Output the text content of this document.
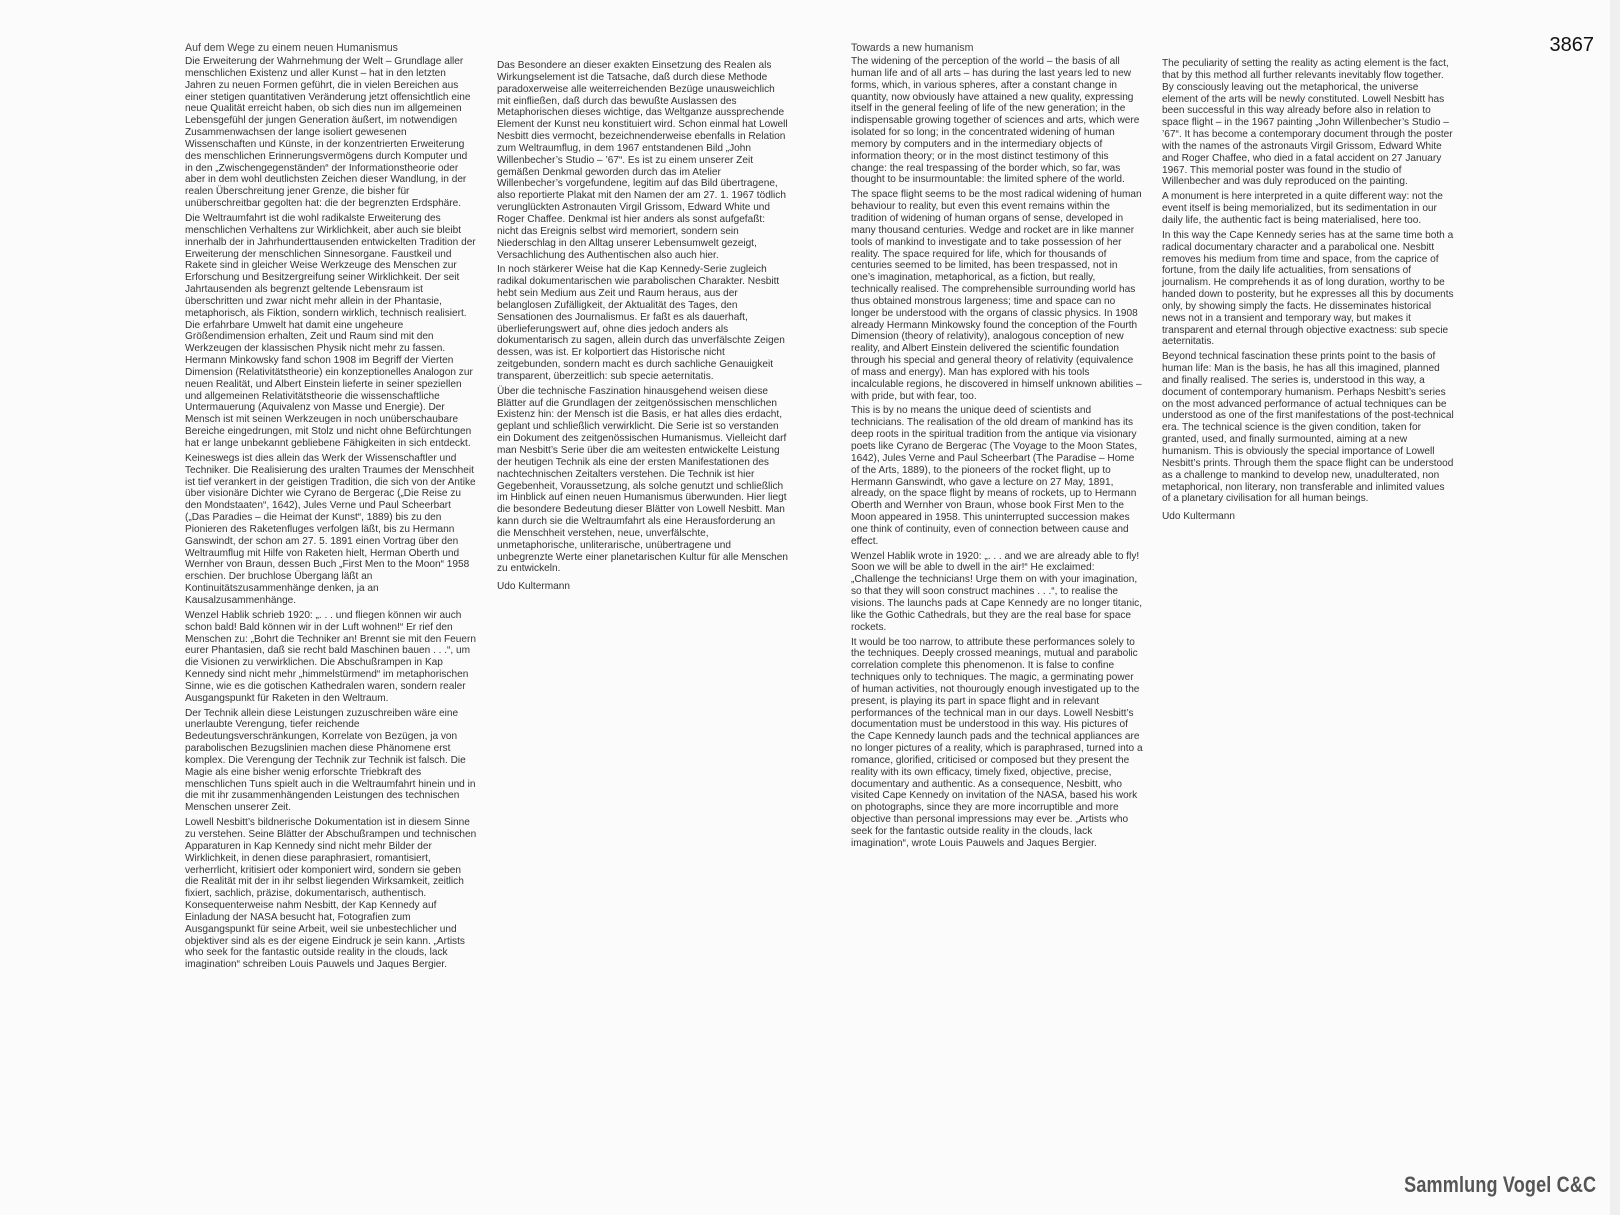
3867
Auf dem Wege zu einem neuen Humanismus

Die Erweiterung der Wahrnehmung der Welt – Grundlage aller menschlichen Existenz und aller Kunst – hat in den letzten Jahren zu neuen Formen geführt, die in vielen Bereichen aus einer stetigen quantitativen Veränderung jetzt offensichtlich eine neue Qualität erreicht haben, ob sich dies nun im allgemeinen Lebensgefühl der jungen Generation äußert, im notwendigen Zusammenwachsen der lange isoliert gewesenen Wissenschaften und Künste, in der konzentrierten Erweiterung des menschlichen Erinnerungsvermögens durch Komputer und in den „Zwischengegenständen“ der Informationstheorie oder aber in dem wohl deutlichsten Zeichen dieser Wandlung, in der realen Überschreitung jener Grenze, die bisher für unüberschreitbar gegolten hat: die der begrenzten Erdsphäre.

Die Weltraumfahrt ist die wohl radikalste Erweiterung des menschlichen Verhaltens zur Wirklichkeit, aber auch sie bleibt innerhalb der in Jahrhunderttausenden entwickelten Tradition der Erweiterung der menschlichen Sinnesorgane. Faustkeil und Rakete sind in gleicher Weise Werkzeuge des Menschen zur Erforschung und Besitzergreifung seiner Wirklichkeit. Der seit Jahrtausenden als begrenzt geltende Lebensraum ist überschritten und zwar nicht mehr allein in der Phantasie, metaphorisch, als Fiktion, sondern wirklich, technisch realisiert. Die erfahrbare Umwelt hat damit eine ungeheure Größendimension erhalten, Zeit und Raum sind mit den Werkzeugen der klassischen Physik nicht mehr zu fassen. Hermann Minkowsky fand schon 1908 im Begriff der Vierten Dimension (Relativitätstheorie) ein konzeptionelles Analogon zur neuen Realität, und Albert Einstein lieferte in seiner speziellen und allgemeinen Relativitätstheorie die wissenschaftliche Untermauerung (Aquivalenz von Masse und Energie). Der Mensch ist mit seinen Werkzeugen in noch unüberschaubare Bereiche eingedrungen, mit Stolz und nicht ohne Befürchtungen hat er lange unbekannt gebliebene Fähigkeiten in sich entdeckt.

Keineswegs ist dies allein das Werk der Wissenschaftler und Techniker. Die Realisierung des uralten Traumes der Menschheit ist tief verankert in der geistigen Tradition, die sich von der Antike über visionäre Dichter wie Cyrano de Bergerac („Die Reise zu den Mondstaaten“, 1642), Jules Verne und Paul Scheerbart („Das Paradies – die Heimat der Kunst“, 1889) bis zu den Pionieren des Raketenfluges verfolgen läßt, bis zu Hermann Ganswindt, der schon am 27. 5. 1891 einen Vortrag über den Weltraumflug mit Hilfe von Raketen hielt, Herman Oberth und Wernher von Braun, dessen Buch „First Men to the Moon“ 1958 erschien. Der bruchlose Übergang läßt an Kontinuitätszusammenhänge denken, ja an Kausalzusammenhänge.

Wenzel Hablik schrieb 1920: „. . . und fliegen können wir auch schon bald! Bald können wir in der Luft wohnen!“ Er rief den Menschen zu: „Bohrt die Techniker an! Brennt sie mit den Feuern eurer Phantasien, daß sie recht bald Maschinen bauen . . .“, um die Visionen zu verwirklichen. Die Abschußrampen in Kap Kennedy sind nicht mehr „himmelstürmend“ im metaphorischen Sinne, wie es die gotischen Kathedralen waren, sondern realer Ausgangspunkt für Raketen in den Weltraum.

Der Technik allein diese Leistungen zuzuschreiben wäre eine unerlaubte Verengung, tiefer reichende Bedeutungsverschränkungen, Korrelate von Bezügen, ja von parabolischen Bezugslinien machen diese Phänomene erst komplex. Die Verengung der Technik zur Technik ist falsch. Die Magie als eine bisher wenig erforschte Triebkraft des menschlichen Tuns spielt auch in die Weltraumfahrt hinein und in die mit ihr zusammenhängenden Leistungen des technischen Menschen unserer Zeit.

Lowell Nesbitt’s bildnerische Dokumentation ist in diesem Sinne zu verstehen. Seine Blätter der Abschußrampen und technischen Apparaturen in Kap Kennedy sind nicht mehr Bilder der Wirklichkeit, in denen diese paraphrasiert, romantisiert, verherrlicht, kritisiert oder komponiert wird, sondern sie geben die Realität mit der in ihr selbst liegenden Wirksamkeit, zeitlich fixiert, sachlich, präzise, dokumentarisch, authentisch. Konsequenterweise nahm Nesbitt, der Kap Kennedy auf Einladung der NASA besucht hat, Fotografien zum Ausgangspunkt für seine Arbeit, weil sie unbestechlicher und objektiver sind als es der eigene Eindruck je sein kann. „Artists who seek for the fantastic outside reality in the clouds, lack imagination“ schreiben Louis Pauwels und Jaques Bergier.

Das Besondere an dieser exakten Einsetzung des Realen als Wirkungselement ist die Tatsache, daß durch diese Methode paradoxerweise alle weiterreichenden Bezüge unausweichlich mit einfließen, daß durch das bewußte Auslassen des Metaphorischen dieses wichtige, das Weltganze aussprechende Element der Kunst neu konstituiert wird. Schon einmal hat Lowell Nesbitt dies vermocht, bezeichnenderweise ebenfalls in Relation zum Weltraumflug, in dem 1967 entstandenen Bild „John Willenbecher’s Studio – ’67“. Es ist zu einem unserer Zeit gemäßen Denkmal geworden durch das im Atelier Willenbecher’s vorgefundene, legitim auf das Bild übertragene, also reportierte Plakat mit den Namen der am 27. 1. 1967 tödlich verunglückten Astronauten Virgil Grissom, Edward White und Roger Chaffee. Denkmal ist hier anders als sonst aufgefaßt: nicht das Ereignis selbst wird memoriert, sondern sein Niederschlag in den Alltag unserer Lebensumwelt gezeigt, Versachlichung des Authentischen also auch hier.

In noch stärkerer Weise hat die Kap Kennedy-Serie zugleich radikal dokumentarischen wie parabolischen Charakter. Nesbitt hebt sein Medium aus Zeit und Raum heraus, aus der belanglosen Zufälligkeit, der Aktualität des Tages, den Sensationen des Journalismus. Er faßt es als dauerhaft, überlieferungswert auf, ohne dies jedoch anders als dokumentarisch zu sagen, allein durch das unverfälschte Zeigen dessen, was ist. Er kolportiert das Historische nicht zeitgebunden, sondern macht es durch sachliche Genauigkeit transparent, überzeitlich: sub specie aeternitatis.

Über die technische Faszination hinausgehend weisen diese Blätter auf die Grundlagen der zeitgenössischen menschlichen Existenz hin: der Mensch ist die Basis, er hat alles dies erdacht, geplant und schließlich verwirklicht. Die Serie ist so verstanden ein Dokument des zeitgenössischen Humanismus. Vielleicht darf man Nesbitt’s Serie über die am weitesten entwickelte Leistung der heutigen Technik als eine der ersten Manifestationen des nachtechnischen Zeitalters verstehen. Die Technik ist hier Gegebenheit, Voraussetzung, als solche genutzt und schließlich im Hinblick auf einen neuen Humanismus überwunden. Hier liegt die besondere Bedeutung dieser Blätter von Lowell Nesbitt. Man kann durch sie die Weltraumfahrt als eine Herausforderung an die Menschheit verstehen, neue, unverfälschte, unmetaphorische, unliterarische, unübertragene und unbegrenzte Werte einer planetarischen Kultur für alle Menschen zu entwickeln.

Udo Kultermann

Towards a new humanism

The widening of the perception of the world – the basis of all human life and of all arts – has during the last years led to new forms, which, in various spheres, after a constant change in quantity, now obviously have attained a new quality, expressing itself in the general feeling of life of the new generation; in the indispensable growing together of sciences and arts, which were isolated for so long; in the concentrated widening of human memory by computers and in the intermediary objects of information theory; or in the most distinct testimony of this change: the real trespassing of the border which, so far, was thought to be insurmountable: the limited sphere of the world.

The space flight seems to be the most radical widening of human behaviour to reality, but even this event remains within the tradition of widening of human organs of sense, developed in many thousand centuries. Wedge and rocket are in like manner tools of mankind to investigate and to take possession of her reality. The space required for life, which for thousands of centuries seemed to be limited, has been trespassed, not in one’s imagination, metaphorical, as a fiction, but really, technically realised. The comprehensible surrounding world has thus obtained monstrous largeness; time and space can no longer be understood with the organs of classic physics. In 1908 already Hermann Minkowsky found the conception of the Fourth Dimension (theory of relativity), analogous conception of new reality, and Albert Einstein delivered the scientific foundation through his special and general theory of relativity (equivalence of mass and energy). Man has explored with his tools incalculable regions, he discovered in himself unknown abilities – with pride, but with fear, too.

This is by no means the unique deed of scientists and technicians. The realisation of the old dream of mankind has its deep roots in the spiritual tradition from the antique via visionary poets like Cyrano de Bergerac (The Voyage to the Moon States, 1642), Jules Verne and Paul Scheerbart (The Paradise – Home of the Arts, 1889), to the pioneers of the rocket flight, up to Hermann Ganswindt, who gave a lecture on 27 May, 1891, already, on the space flight by means of rockets, up to Hermann Oberth and Wernher von Braun, whose book First Men to the Moon appeared in 1958. This uninterrupted succession makes one think of continuity, even of connection between cause and effect.

Wenzel Hablik wrote in 1920: „. . . and we are already able to fly! Soon we will be able to dwell in the air!“ He exclaimed: „Challenge the technicians! Urge them on with your imagination, so that they will soon construct machines . . .“, to realise the visions. The launchs pads at Cape Kennedy are no longer titanic, like the Gothic Cathedrals, but they are the real base for space rockets.

It would be too narrow, to attribute these performances solely to the techniques. Deeply crossed meanings, mutual and parabolic correlation complete this phenomenon. It is false to confine techniques only to techniques. The magic, a germinating power of human activities, not thourougly enough investigated up to the present, is playing its part in space flight and in relevant performances of the technical man in our days. Lowell Nesbitt’s documentation must be understood in this way. His pictures of the Cape Kennedy launch pads and the technical appliances are no longer pictures of a reality, which is paraphrased, turned into a romance, glorified, criticised or composed but they present the reality with its own efficacy, timely fixed, objective, precise, documentary and authentic. As a consequence, Nesbitt, who visited Cape Kennedy on invitation of the NASA, based his work on photographs, since they are more incorruptible and more objective than personal impressions may ever be. „Artists who seek for the fantastic outside reality in the clouds, lack imagination“, wrote Louis Pauwels and Jaques Bergier.

The peculiarity of setting the reality as acting element is the fact, that by this method all further relevants inevitably flow together. By consciously leaving out the metaphorical, the universe element of the arts will be newly constituted. Lowell Nesbitt has been successful in this way already before also in relation to space flight – in the 1967 painting „John Willenbecher’s Studio – ’67“. It has become a contemporary document through the poster with the names of the astronauts Virgil Grissom, Edward White and Roger Chaffee, who died in a fatal accident on 27 January 1967. This memorial poster was found in the studio of Willenbecher and was duly reproduced on the painting.

A monument is here interpreted in a quite different way: not the event itself is being memorialized, but its sedimentation in our daily life, the authentic fact is being materialised, here too.

In this way the Cape Kennedy series has at the same time both a radical documentary character and a parabolical one. Nesbitt removes his medium from time and space, from the caprice of fortune, from the daily life actualities, from sensations of journalism. He comprehends it as of long duration, worthy to be handed down to posterity, but he expresses all this by documents only, by showing simply the facts. He disseminates historical news not in a transient and temporary way, but makes it transparent and eternal through objective exactness: sub specie aeternitatis.

Beyond technical fascination these prints point to the basis of human life: Man is the basis, he has all this imagined, planned and finally realised. The series is, understood in this way, a document of contemporary humanism. Perhaps Nesbitt’s series on the most advanced performance of actual techniques can be understood as one of the first manifestations of the post-technical era. The technical science is the given condition, taken for granted, used, and finally surmounted, aiming at a new humanism. This is obviously the special importance of Lowell Nesbitt’s prints. Through them the space flight can be understood as a challenge to mankind to develop new, unadulterated, non metaphorical, non literary, non transferable and inlimited values of a planetary civilisation for all human beings.

Udo Kultermann

Sammlung Vogel C&C
